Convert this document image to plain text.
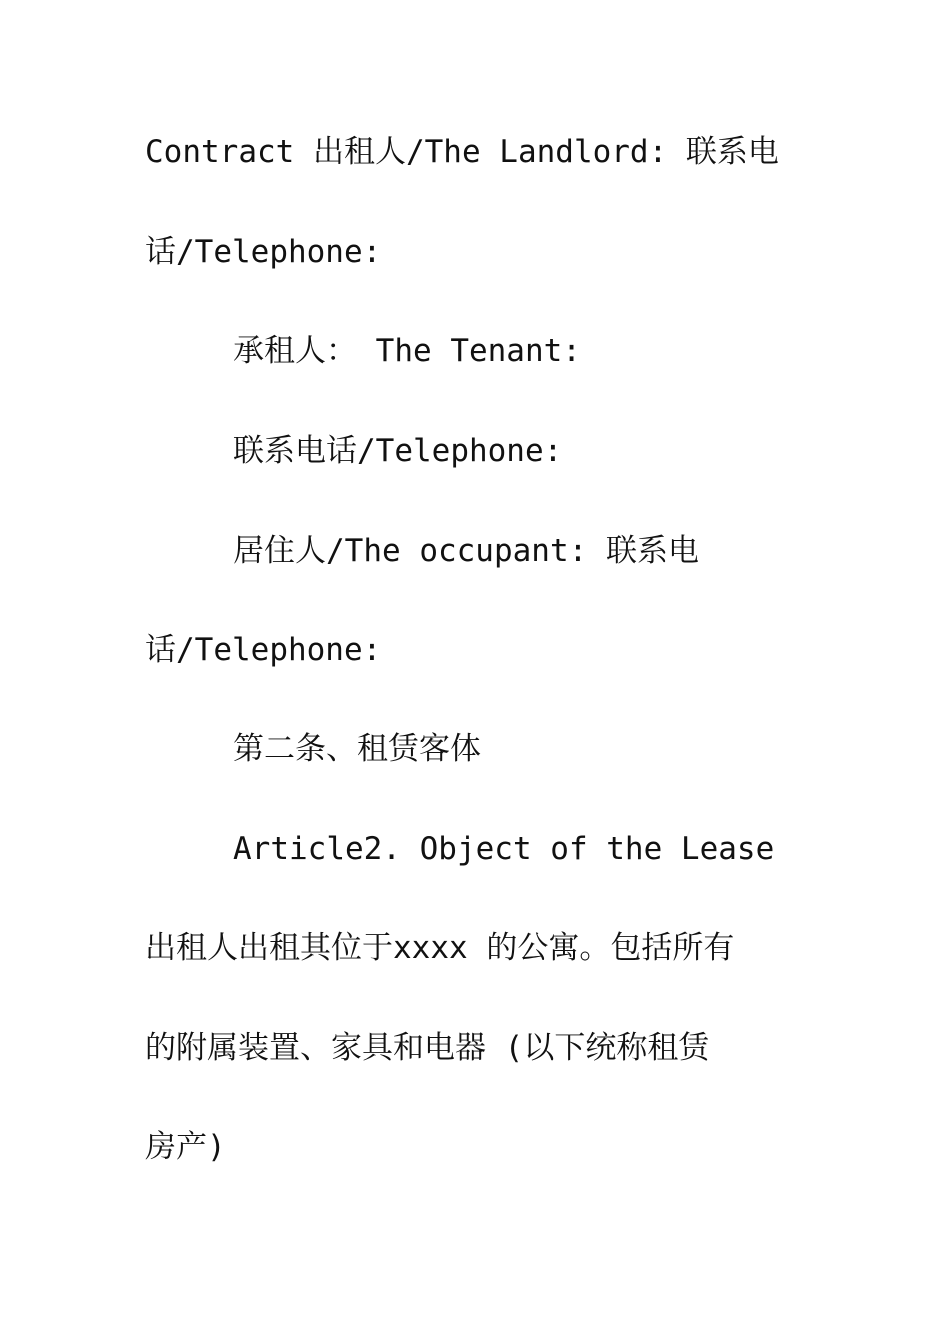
Contract 出租人/The Landlord: 联系电
话/Telephone:
承租人： The Tenant:
联系电话/Telephone:
居住人/The occupant: 联系电
话/Telephone:
第二条、租赁客体
Article2. Object of the Lease
出租人出租其位于xxxx 的公寓。包括所有
的附属装置、家具和电器 (以下统称租赁
房产)
